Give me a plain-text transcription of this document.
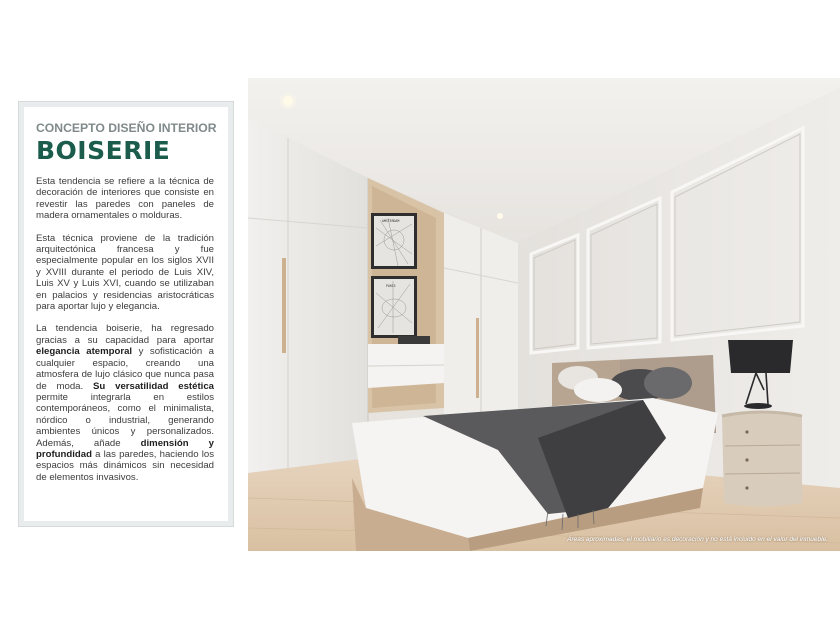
CONCEPTO DISEÑO INTERIOR

BOISERIE

Esta tendencia se refiere a la técnica de decoración de interiores que consiste en revestir las paredes con paneles de madera ornamentales o molduras.

Esta técnica proviene de la tradición arquitectónica francesa y fue especialmente popular en los siglos XVII y XVIII durante el periodo de Luis XIV, Luis XV y Luis XVI, cuando se utilizaban en palacios y residencias aristocráticas para aportar lujo y elegancia.

La tendencia boiserie, ha regresado gracias a su capacidad para aportar elegancia atemporal y sofisticación a cualquier espacio, creando una atmosfera de lujo clásico que nunca pasa de moda. Su versatilidad estética permite integrarla en estilos contemporáneos, como el minimalista, nórdico o industrial, generando ambientes únicos y personalizados. Además, añade dimensión y profundidad a las paredes, haciendo los espacios más dinámicos sin necesidad de elementos invasivos.

AMSTERDAM
PARIS
Áreas aproximadas, el mobiliario es decoración y no está incluido en el valor del inmueble.
